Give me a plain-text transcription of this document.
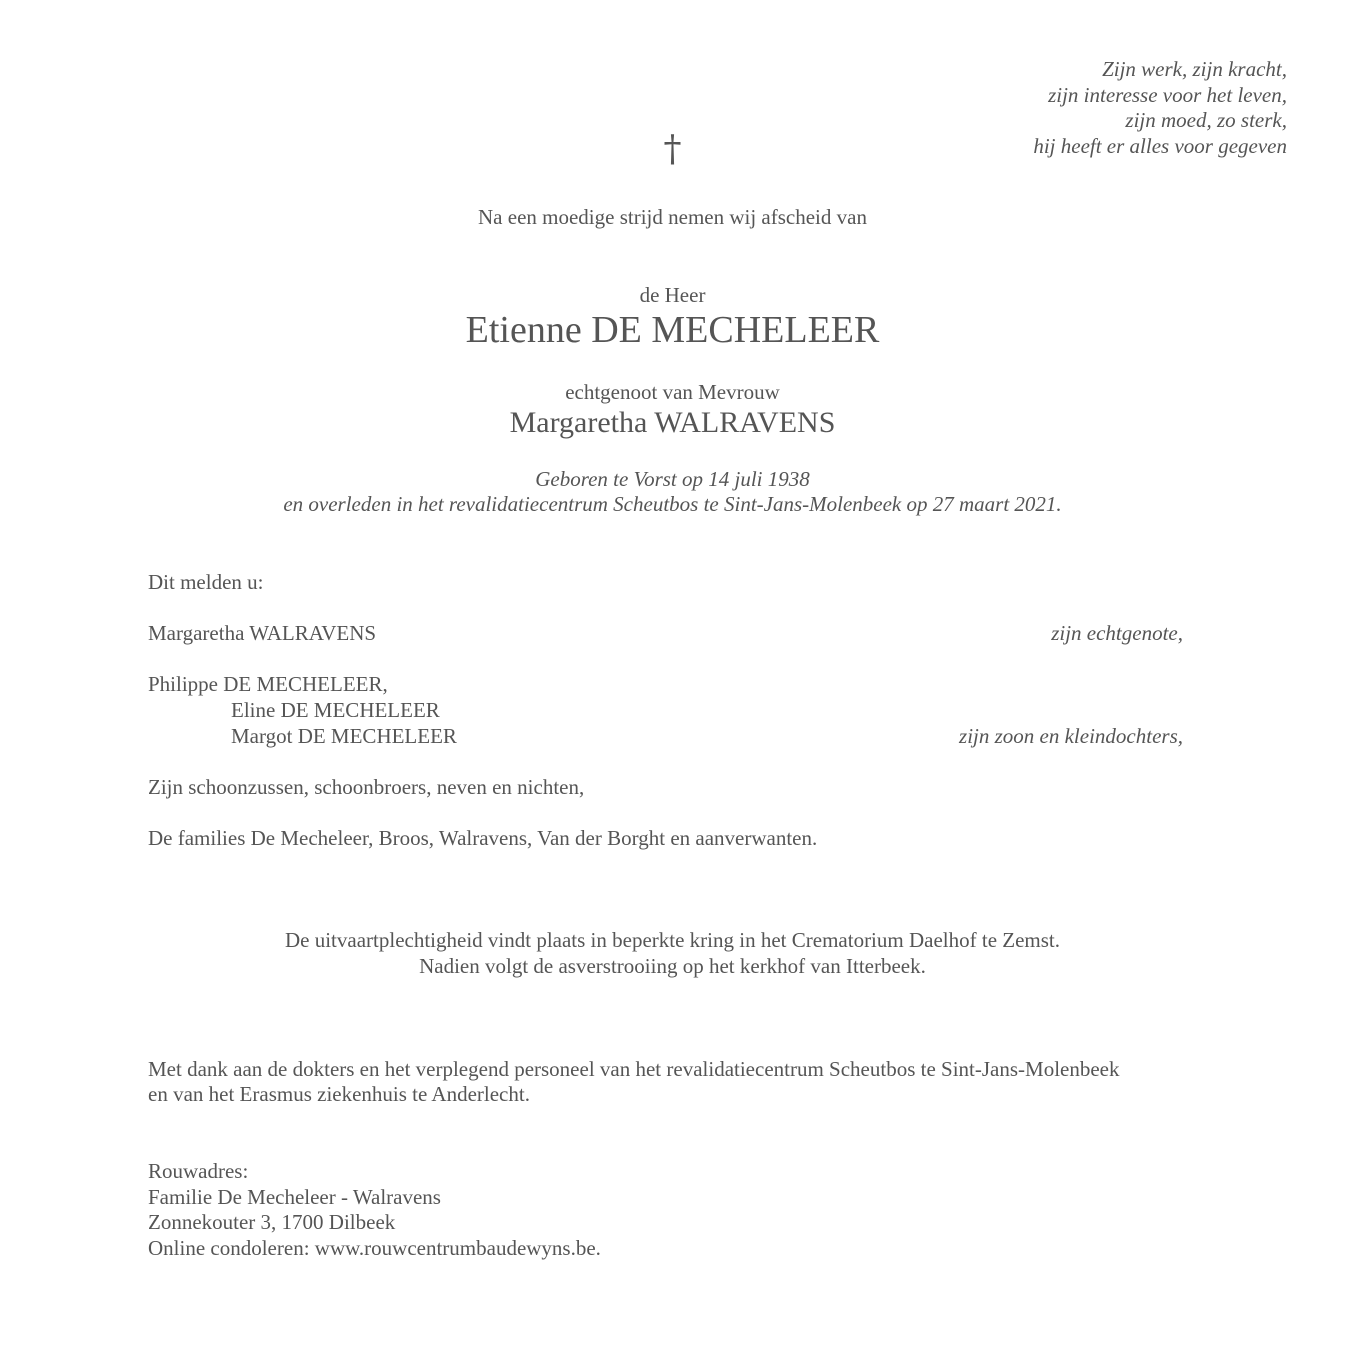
Zijn werk, zijn kracht,
zijn interesse voor het leven,
zijn moed, zo sterk,
hij heeft er alles voor gegeven
†
Na een moedige strijd nemen wij afscheid van
de Heer
Etienne DE MECHELEER
echtgenoot van Mevrouw
Margaretha WALRAVENS
Geboren te Vorst op 14 juli 1938
en overleden in het revalidatiecentrum Scheutbos te Sint-Jans-Molenbeek op 27 maart 2021.
Dit melden u:
Margaretha WALRAVENS	zijn echtgenote,
Philippe DE MECHELEER,
Eline DE MECHELEER
Margot DE MECHELEER	zijn zoon en kleindochters,
Zijn schoonzussen, schoonbroers, neven en nichten,
De families De Mecheleer, Broos, Walravens, Van der Borght en aanverwanten.
De uitvaartplechtigheid vindt plaats in beperkte kring in het Crematorium Daelhof te Zemst.
Nadien volgt de asverstrooiing op het kerkhof van Itterbeek.
Met dank aan de dokters en het verplegend personeel van het revalidatiecentrum Scheutbos te Sint-Jans-Molenbeek
en van het Erasmus ziekenhuis te Anderlecht.
Rouwadres:
Familie De Mecheleer - Walravens
Zonnekouter 3, 1700 Dilbeek
Online condoleren: www.rouwcentrumbaudewyns.be.
